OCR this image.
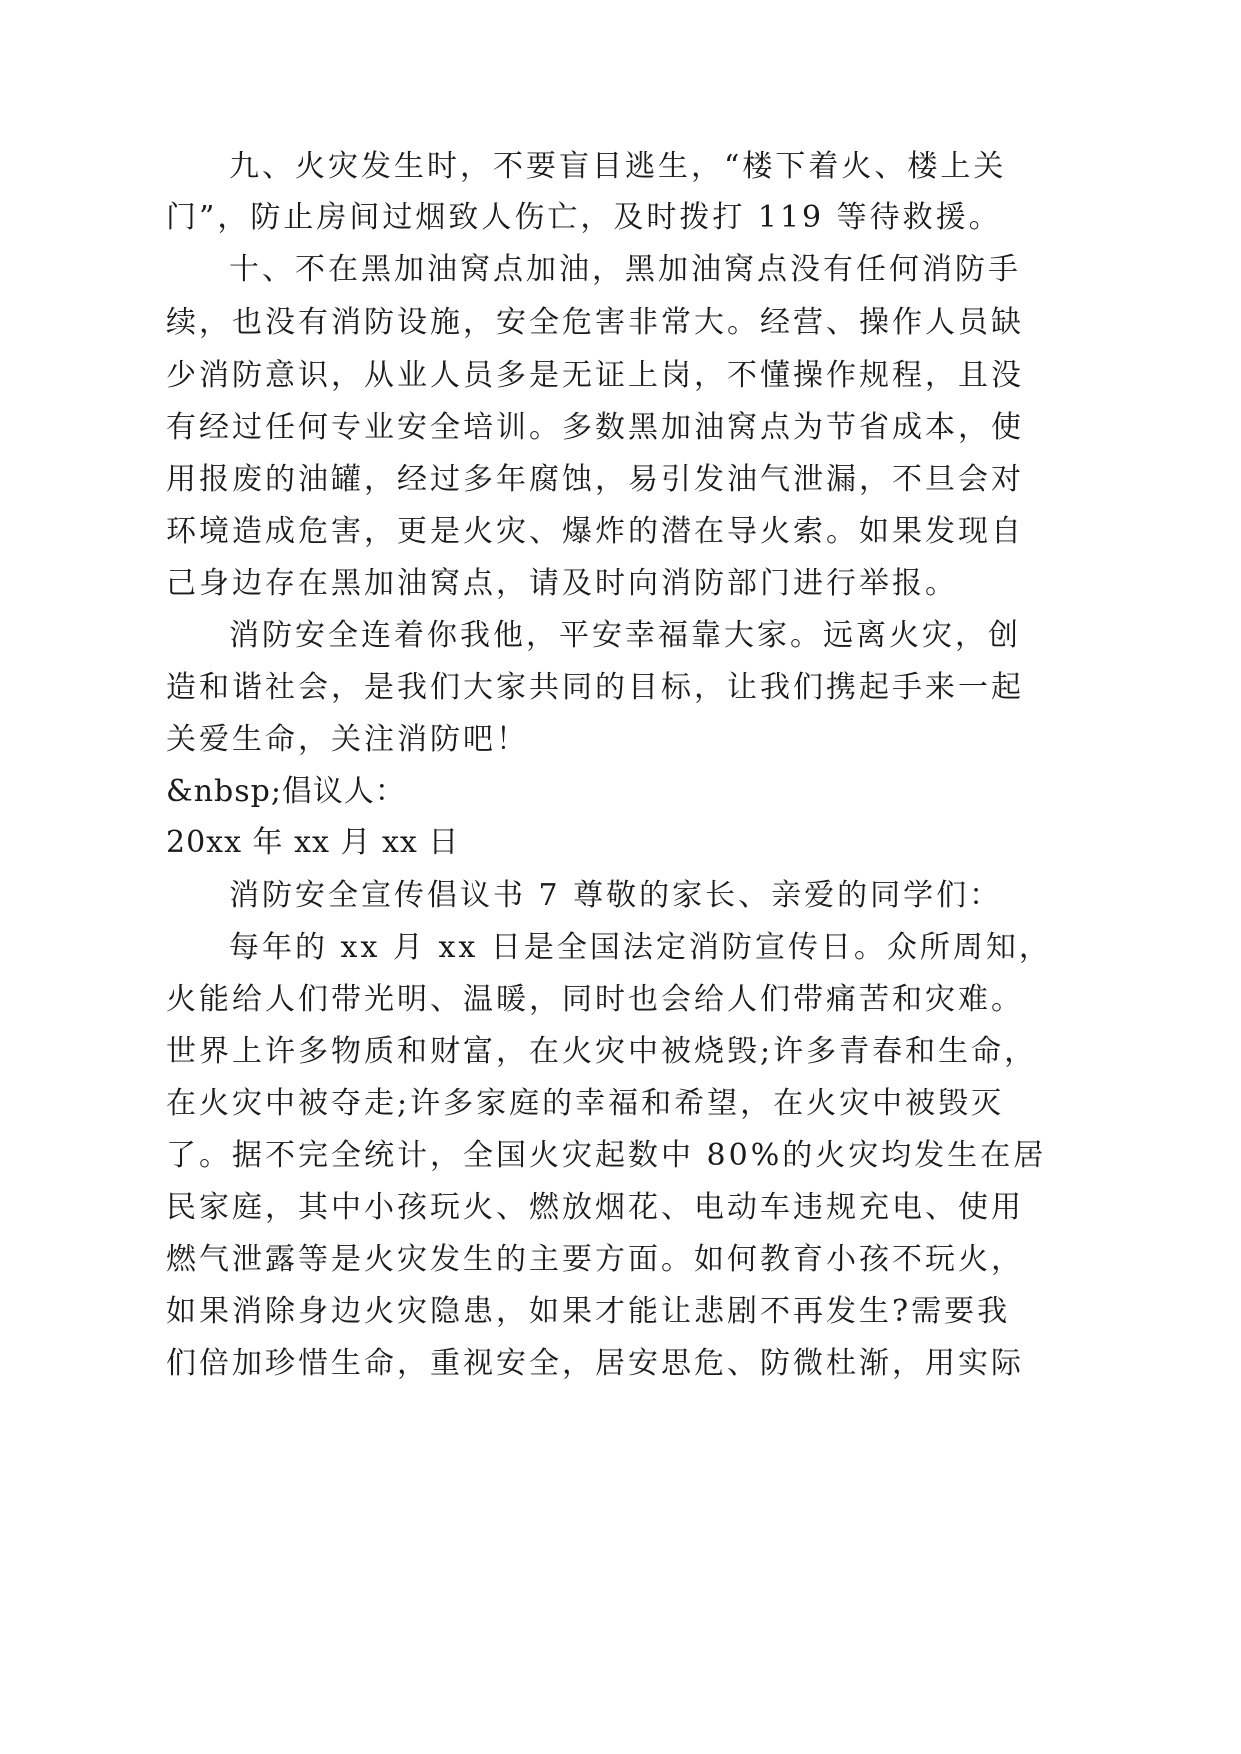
九、火灾发生时，不要盲目逃生，“楼下着火、楼上关

门”，防止房间过烟致人伤亡，及时拨打 119 等待救援。

十、不在黑加油窝点加油，黑加油窝点没有任何消防手

续，也没有消防设施，安全危害非常大。经营、操作人员缺

少消防意识，从业人员多是无证上岗，不懂操作规程，且没

有经过任何专业安全培训。多数黑加油窝点为节省成本，使

用报废的油罐，经过多年腐蚀，易引发油气泄漏，不旦会对

环境造成危害，更是火灾、爆炸的潜在导火索。如果发现自

己身边存在黑加油窝点，请及时向消防部门进行举报。

消防安全连着你我他，平安幸福靠大家。远离火灾，创

造和谐社会，是我们大家共同的目标，让我们携起手来一起

关爱生命，关注消防吧！

&nbsp;倡议人：

20xx 年 xx 月 xx 日

消防安全宣传倡议书 7 尊敬的家长、亲爱的同学们：

每年的 xx 月 xx 日是全国法定消防宣传日。众所周知，

火能给人们带光明、温暖，同时也会给人们带痛苦和灾难。

世界上许多物质和财富，在火灾中被烧毁;许多青春和生命，

在火灾中被夺走;许多家庭的幸福和希望，在火灾中被毁灭

了。据不完全统计，全国火灾起数中 80%的火灾均发生在居

民家庭，其中小孩玩火、燃放烟花、电动车违规充电、使用

燃气泄露等是火灾发生的主要方面。如何教育小孩不玩火，

如果消除身边火灾隐患，如果才能让悲剧不再发生?需要我

们倍加珍惜生命，重视安全，居安思危、防微杜渐，用实际
